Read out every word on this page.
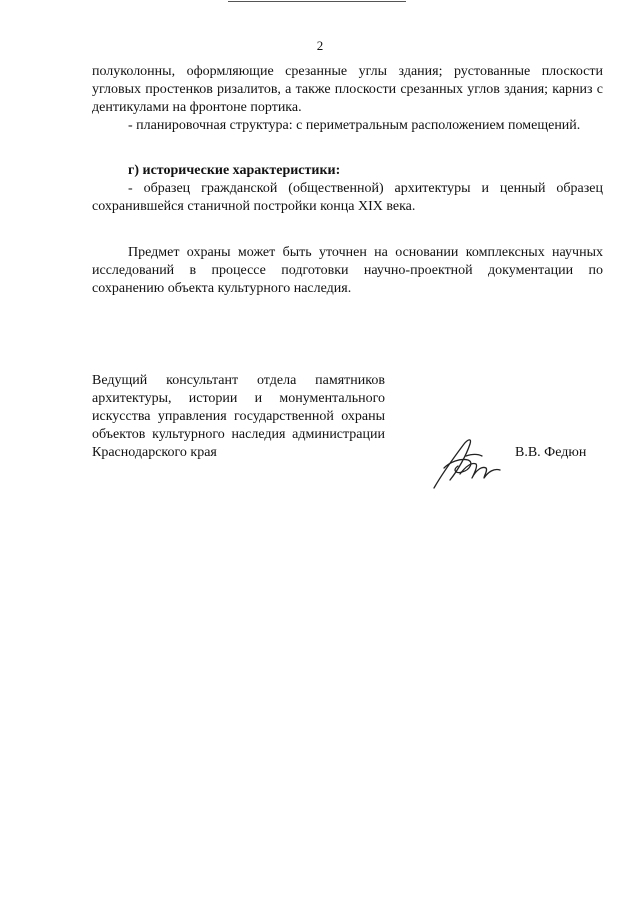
2

полуколонны, оформляющие срезанные углы здания; рустованные плоскости угловых простенков ризалитов, а также плоскости срезанных углов здания; карниз с дентикулами на фронтоне портика.

- планировочная структура: с периметральным расположением помещений.

г) исторические характеристики:

- образец гражданской (общественной) архитектуры и ценный образец сохранившейся станичной постройки конца XIX века.

Предмет охраны может быть уточнен на основании комплексных научных исследований в процессе подготовки научно-проектной документации по сохранению объекта культурного наследия.

Ведущий консультант отдела памятников архитектуры, истории и монументального искусства управления государственной охраны объектов культурного наследия администрации Краснодарского края	В.В. Федюн
